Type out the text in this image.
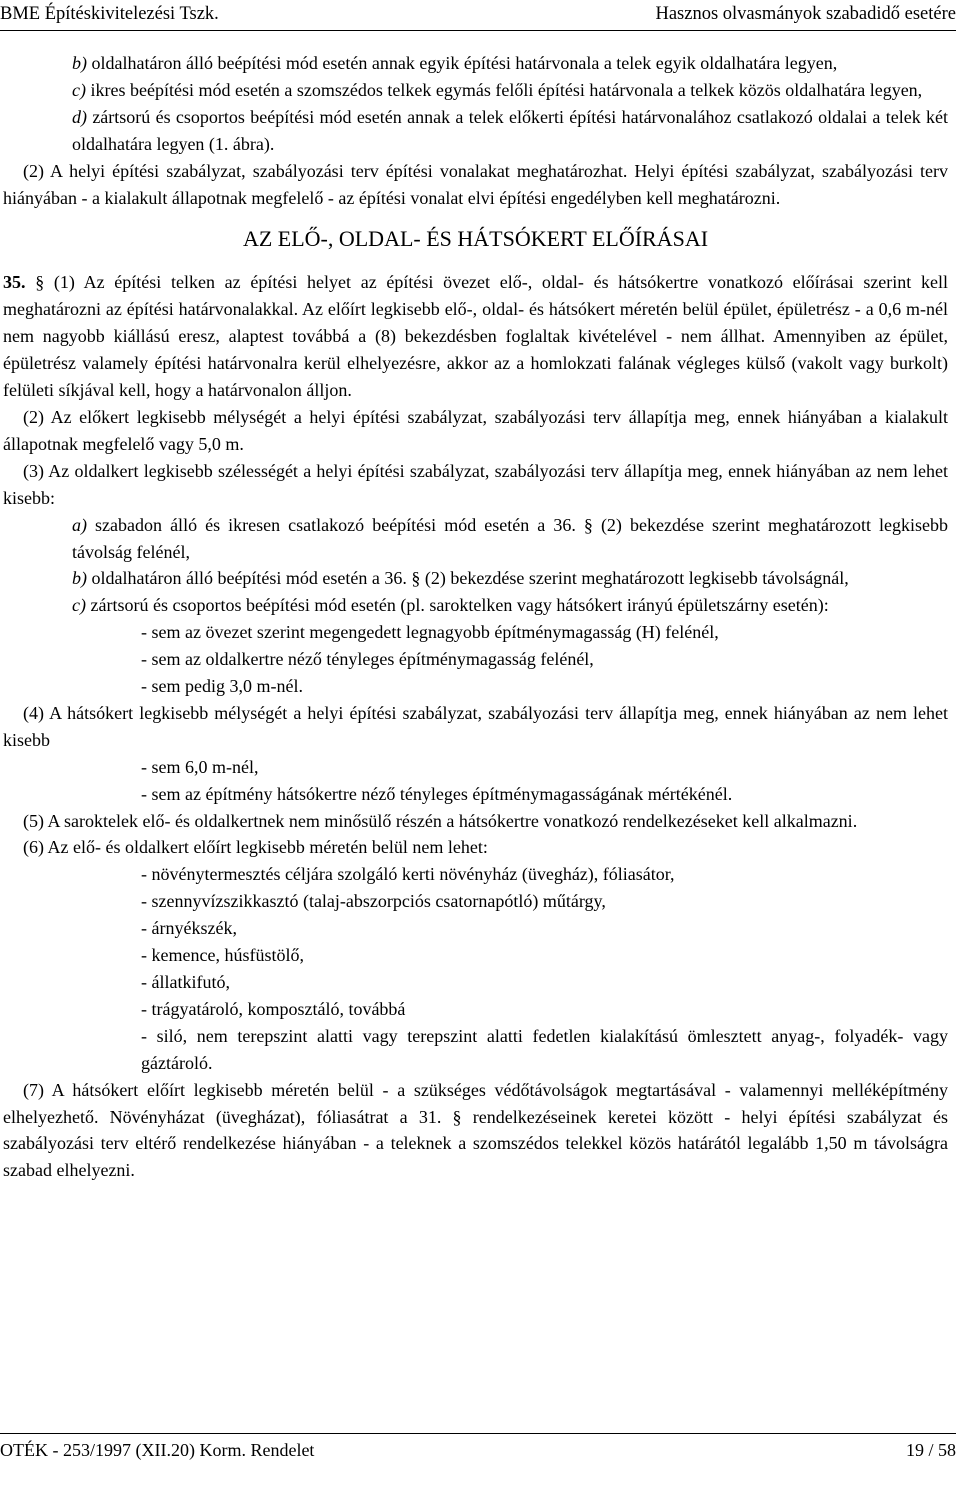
BME Építéskivitelezési Tszk.	Hasznos olvasmányok szabadidő esetére

b) oldalhatáron álló beépítési mód esetén annak egyik építési határvonala a telek egyik oldalhatára legyen,

c) ikres beépítési mód esetén a szomszédos telkek egymás felőli építési határvonala a telkek közös oldalhatára legyen,

d) zártsorú és csoportos beépítési mód esetén annak a telek előkerti építési határvonalához csatlakozó oldalai a telek két oldalhatára legyen (1. ábra).

(2) A helyi építési szabályzat, szabályozási terv építési vonalakat meghatározhat. Helyi építési szabályzat, szabályozási terv hiányában - a kialakult állapotnak megfelelő - az építési vonalat elvi építési engedélyben kell meghatározni.

AZ ELŐ-, OLDAL- ÉS HÁTSÓKERT ELŐÍRÁSAI

35. § (1) Az építési telken az építési helyet az építési övezet elő-, oldal- és hátsókertre vonatkozó előírásai szerint kell meghatározni az építési határvonalakkal. Az előírt legkisebb elő-, oldal- és hátsókert méretén belül épület, épületrész - a 0,6 m-nél nem nagyobb kiállású eresz, alaptest továbbá a (8) bekezdésben foglaltak kivételével - nem állhat. Amennyiben az épület, épületrész valamely építési határvonalra kerül elhelyezésre, akkor az a homlokzati falának végleges külső (vakolt vagy burkolt) felületi síkjával kell, hogy a határvonalon álljon.

(2) Az előkert legkisebb mélységét a helyi építési szabályzat, szabályozási terv állapítja meg, ennek hiányában a kialakult állapotnak megfelelő vagy 5,0 m.

(3) Az oldalkert legkisebb szélességét a helyi építési szabályzat, szabályozási terv állapítja meg, ennek hiányában az nem lehet kisebb:

a) szabadon álló és ikresen csatlakozó beépítési mód esetén a 36. § (2) bekezdése szerint meghatározott legkisebb távolság felénél,

b) oldalhatáron álló beépítési mód esetén a 36. § (2) bekezdése szerint meghatározott legkisebb távolságnál,

c) zártsorú és csoportos beépítési mód esetén (pl. saroktelken vagy hátsókert irányú épületszárny esetén):

- sem az övezet szerint megengedett legnagyobb építménymagasság (H) felénél,

- sem az oldalkertre néző tényleges építménymagasság felénél,

- sem pedig 3,0 m-nél.

(4) A hátsókert legkisebb mélységét a helyi építési szabályzat, szabályozási terv állapítja meg, ennek hiányában az nem lehet kisebb

- sem 6,0 m-nél,

- sem az építmény hátsókertre néző tényleges építménymagasságának mértékénél.

(5) A saroktelek elő- és oldalkertnek nem minősülő részén a hátsókertre vonatkozó rendelkezéseket kell alkalmazni.

(6) Az elő- és oldalkert előírt legkisebb méretén belül nem lehet:

- növénytermesztés céljára szolgáló kerti növényház (üvegház), fóliasátor,

- szennyvízszikkasztó (talaj-abszorpciós csatornapótló) műtárgy,

- árnyékszék,

- kemence, húsfüstölő,

- állatkifutó,

- trágyatároló, komposztáló, továbbá

- siló, nem terepszint alatti vagy terepszint alatti fedetlen kialakítású ömlesztett anyag-, folyadék- vagy gáztároló.

(7) A hátsókert előírt legkisebb méretén belül - a szükséges védőtávolságok megtartásával - valamennyi melléképítmény elhelyezhető. Növényházat (üvegházat), fóliasátrat a 31. § rendelkezéseinek keretei között - helyi építési szabályzat és szabályozási terv eltérő rendelkezése hiányában - a teleknek a szomszédos telekkel közös határától legalább 1,50 m távolságra szabad elhelyezni.

OTÉK - 253/1997 (XII.20) Korm. Rendelet	19 / 58
